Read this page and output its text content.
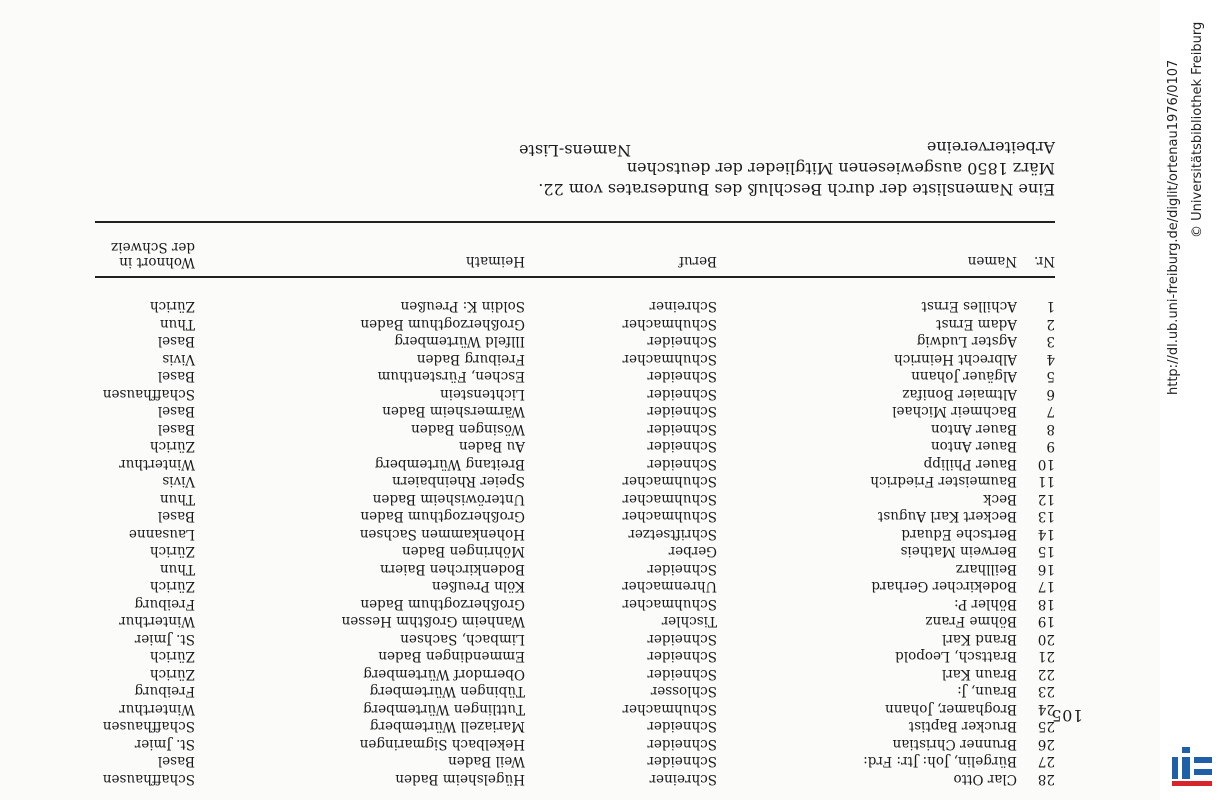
105
Namens-Liste
Eine Namensliste der durch Beschluß des Bundesrates vom 22. März 1850 ausgewiesenen Mitglieder der deutschen Arbeitervereine
Nr.
Namen
Beruf
Heimath
Wohnort in der Schweiz
1
Achilles Ernst
Schreiner
Soldin K: Preußen
Zürich
2
Adam Ernst
Schuhmacher
Großherzogthum Baden
Thun
3
Agster Ludwig
Schneider
Illfeld Würtemberg
Basel
4
Albrecht Heinrich
Schuhmacher
Freiburg Baden
Vivis
5
Algäuer Johann
Schneider
Eschen, Fürstenthum
Basel
6
Altmaier Bonifaz
Schneider
Lichtenstein
Schaffhausen
7
Bachmeir Michael
Schneider
Wärmersheim Baden
Basel
8
Bauer Anton
Schneider
Wösingen Baden
Basel
9
Bauer Anton
Schneider
Au Baden
Zürich
10
Bauer Philipp
Schneider
Breitang Würtemberg
Winterthur
11
Baumeister Friedrich
Schuhmacher
Speier Rheinbaiern
Vivis
12
Beck
Schuhmacher
Unteröwisheim Baden
Thun
13
Beckert Karl August
Schuhmacher
Großherzogthum Baden
Basel
14
Bertsche Eduard
Schriftsetzer
Hohenkammen Sachsen
Lausanne
15
Berwein Matheis
Gerber
Möhringen Baden
Zürich
16
Beillharz
Schneider
Bodenkirchen Baiern
Thun
17
Bodekircher Gerhard
Uhrenmacher
Köln Preußen
Zürich
18
Böhler P:
Schuhmacher
Großherzogthum Baden
Freiburg
19
Böhme Franz
Tischler
Wanheim Großthm Hessen
Winterthur
20
Brand Karl
Schneider
Limbach, Sachsen
St. Jmier
21
Brattsch, Leopold
Schneider
Emmendingen Baden
Zürich
22
Braun Karl
Schneider
Oberndorf Würtemberg
Zürich
23
Braun, J:
Schlosser
Tübingen Würtemberg
Freiburg
24
Broghamer, Johann
Schuhmacher
Tuttlingen Würtemberg
Winterthur
25
Brucker Baptist
Schneider
Mariazell Würtemberg
Schaffhausen
26
Brunner Christian
Schneider
Hekelbach Sigmaringen
St. Jmier
27
Bürgelin, Joh: Jtr: Frd:
Schneider
Weil Baden
Basel
28
Clar Otto
Schreiner
Hügelsheim Baden
Schaffhausen
http://dl.ub.uni-freiburg.de/diglit/ortenau1976/0107 © Universitätsbibliothek Freiburg
